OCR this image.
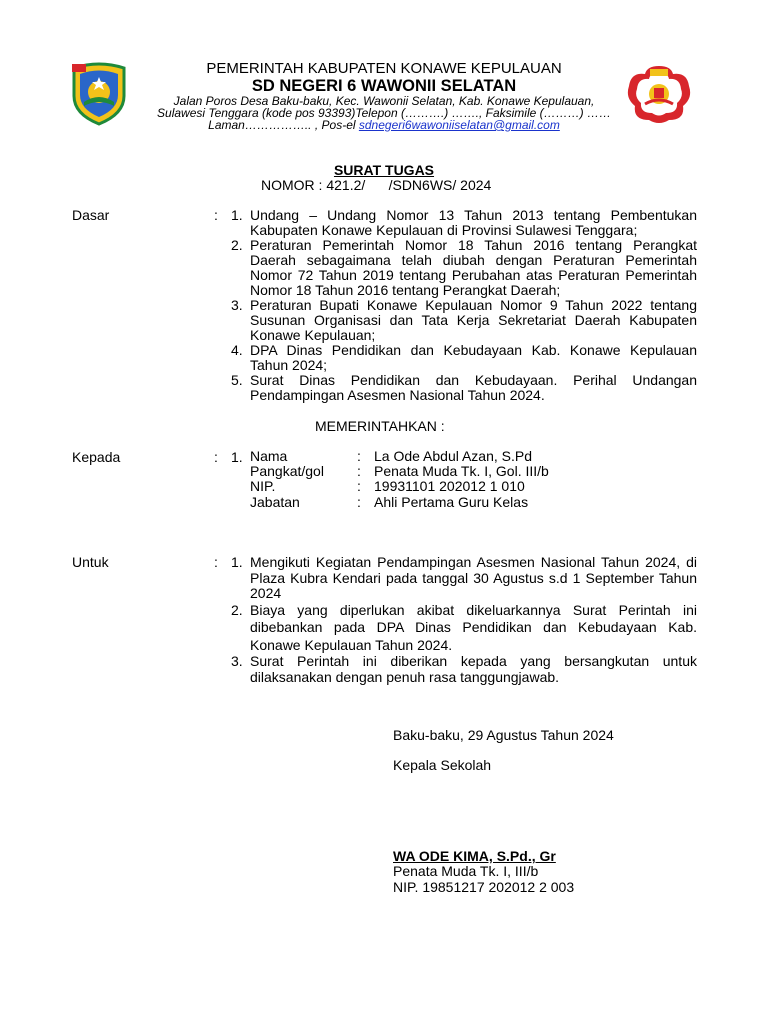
PEMERINTAH KABUPATEN KONAWE KEPULAUAN
SD NEGERI 6 WAWONII SELATAN
Jalan Poros Desa Baku-baku, Kec. Wawonii Selatan, Kab. Konawe Kepulauan,
Sulawesi Tenggara (kode pos 93393)Telepon (……….) ……., Faksimile (………) ……
Laman…………….. , Pos-el sdnegeri6wawoniiselatan@gmail.com
SURAT TUGAS
NOMOR : 421.2/      /SDN6WS/ 2024
Dasar	: 1. Undang – Undang Nomor 13 Tahun 2013 tentang Pembentukan Kabupaten Konawe Kepulauan di Provinsi Sulawesi Tenggara;
2. Peraturan Pemerintah Nomor 18 Tahun 2016 tentang Perangkat Daerah sebagaimana telah diubah dengan Peraturan Pemerintah Nomor 72 Tahun 2019 tentang Perubahan atas Peraturan Pemerintah Nomor 18 Tahun 2016 tentang Perangkat Daerah;
3. Peraturan Bupati Konawe Kepulauan Nomor 9 Tahun 2022 tentang Susunan Organisasi dan Tata Kerja Sekretariat Daerah Kabupaten Konawe Kepulauan;
4. DPA Dinas Pendidikan dan Kebudayaan Kab. Konawe Kepulauan Tahun 2024;
5. Surat Dinas Pendidikan dan Kebudayaan. Perihal Undangan Pendampingan Asesmen Nasional Tahun 2024.
MEMERINTAHKAN :
Kepada	: 1. Nama	: La Ode Abdul Azan, S.Pd
Pangkat/gol : Penata Muda Tk. I, Gol. III/b
NIP.	: 19931101 202012 1 010
Jabatan	: Ahli Pertama Guru Kelas
Untuk	: 1. Mengikuti Kegiatan Pendampingan Asesmen Nasional Tahun 2024, di Plaza Kubra Kendari pada tanggal 30 Agustus s.d 1 September Tahun 2024
2. Biaya yang diperlukan akibat dikeluarkannya Surat Perintah ini dibebankan pada DPA Dinas Pendidikan dan Kebudayaan Kab. Konawe Kepulauan Tahun 2024.
3. Surat Perintah ini diberikan kepada yang bersangkutan untuk dilaksanakan dengan penuh rasa tanggungjawab.
Baku-baku, 29 Agustus Tahun 2024
Kepala Sekolah
WA ODE KIMA, S.Pd., Gr
Penata Muda Tk. I, III/b
NIP. 19851217 202012 2 003
